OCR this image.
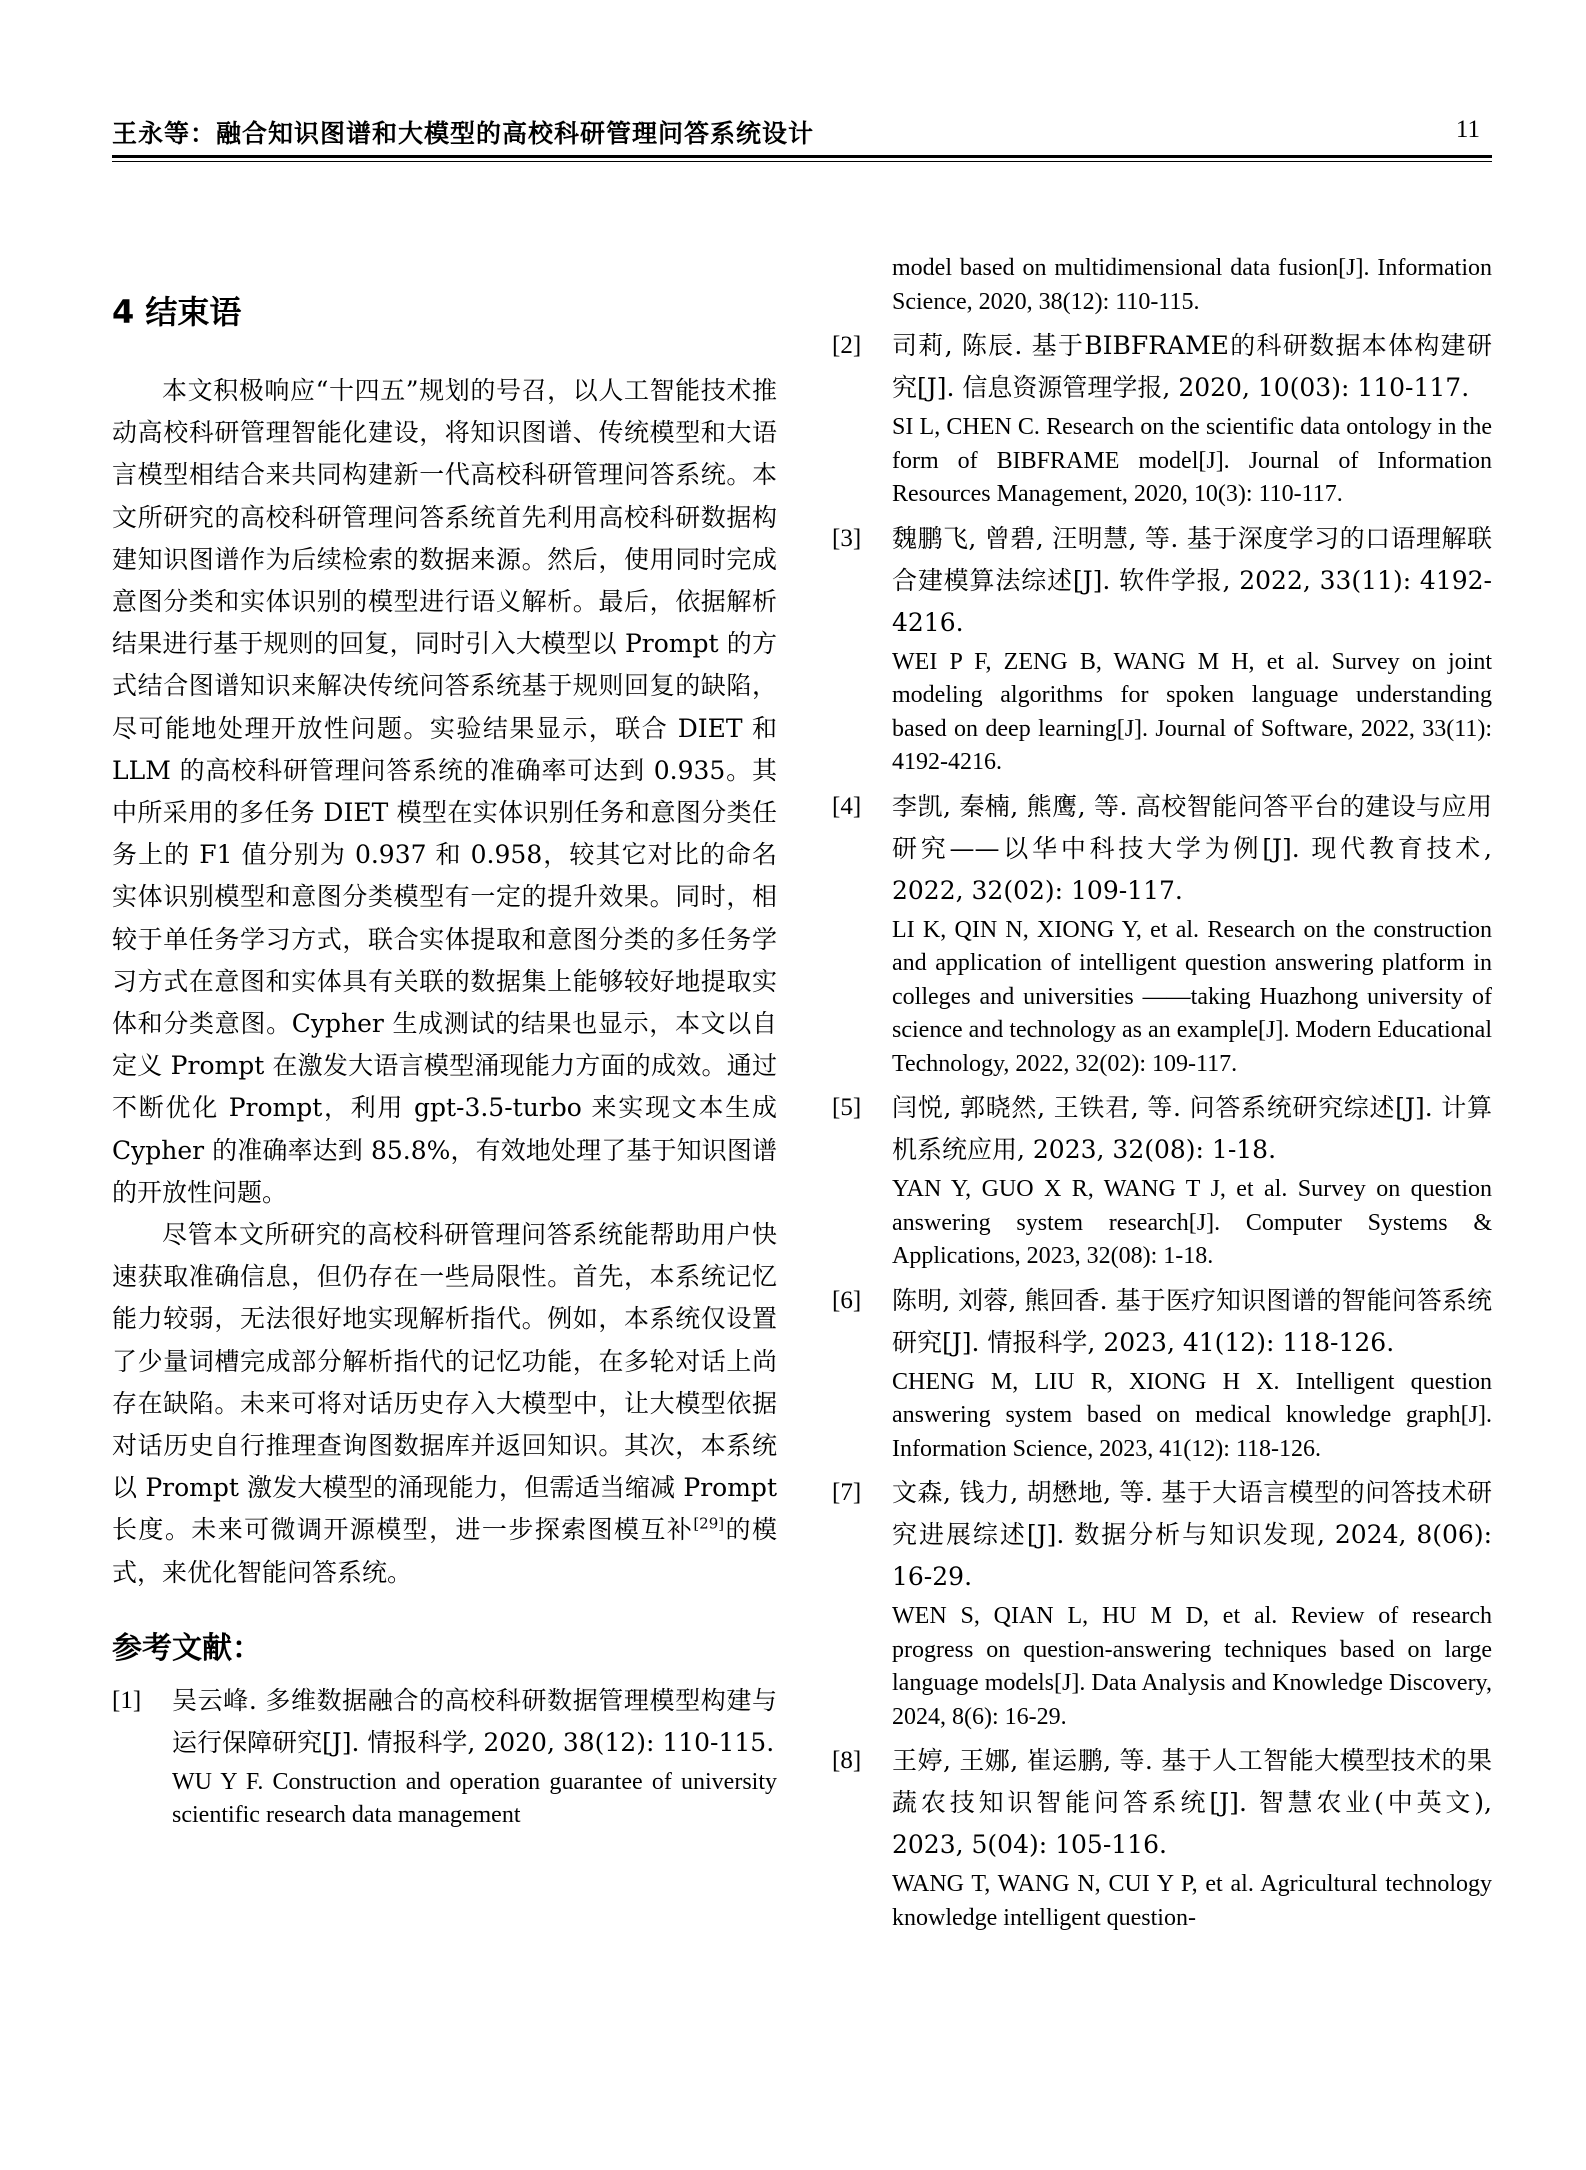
王永等：融合知识图谱和大模型的高校科研管理问答系统设计	11
4 结束语

本文积极响应“十四五”规划的号召，以人工智能技术推动高校科研管理智能化建设，将知识图谱、传统模型和大语言模型相结合来共同构建新一代高校科研管理问答系统。本文所研究的高校科研管理问答系统首先利用高校科研数据构建知识图谱作为后续检索的数据来源。然后，使用同时完成意图分类和实体识别的模型进行语义解析。最后，依据解析结果进行基于规则的回复，同时引入大模型以 Prompt 的方式结合图谱知识来解决传统问答系统基于规则回复的缺陷，尽可能地处理开放性问题。实验结果显示，联合 DIET 和 LLM 的高校科研管理问答系统的准确率可达到 0.935。其中所采用的多任务 DIET 模型在实体识别任务和意图分类任务上的 F1 值分别为 0.937 和 0.958，较其它对比的命名实体识别模型和意图分类模型有一定的提升效果。同时，相较于单任务学习方式，联合实体提取和意图分类的多任务学习方式在意图和实体具有关联的数据集上能够较好地提取实体和分类意图。Cypher 生成测试的结果也显示，本文以自定义 Prompt 在激发大语言模型涌现能力方面的成效。通过不断优化 Prompt，利用 gpt-3.5-turbo 来实现文本生成 Cypher 的准确率达到 85.8%，有效地处理了基于知识图谱的开放性问题。

尽管本文所研究的高校科研管理问答系统能帮助用户快速获取准确信息，但仍存在一些局限性。首先，本系统记忆能力较弱，无法很好地实现解析指代。例如，本系统仅设置了少量词槽完成部分解析指代的记忆功能，在多轮对话上尚存在缺陷。未来可将对话历史存入大模型中，让大模型依据对话历史自行推理查询图数据库并返回知识。其次，本系统以 Prompt 激发大模型的涌现能力，但需适当缩减 Prompt 长度。未来可微调开源模型，进一步探索图模互补[29]的模式，来优化智能问答系统。

参考文献：
[1] 吴云峰. 多维数据融合的高校科研数据管理模型构建与运行保障研究[J]. 情报科学, 2020, 38(12): 110-115.

WU Y F. Construction and operation guarantee of university scientific research data management

model based on multidimensional data fusion[J]. Information Science, 2020, 38(12): 110-115.

[2] 司莉, 陈辰. 基于BIBFRAME的科研数据本体构建研究[J]. 信息资源管理学报, 2020, 10(03): 110-117.

SI L, CHEN C. Research on the scientific data ontology in the form of BIBFRAME model[J]. Journal of Information Resources Management, 2020, 10(3): 110-117.

[3] 魏鹏飞, 曾碧, 汪明慧, 等. 基于深度学习的口语理解联合建模算法综述[J]. 软件学报, 2022, 33(11): 4192-4216.

WEI P F, ZENG B, WANG M H, et al. Survey on joint modeling algorithms for spoken language understanding based on deep learning[J]. Journal of Software, 2022, 33(11): 4192-4216.

[4] 李凯, 秦楠, 熊鹰, 等. 高校智能问答平台的建设与应用研究——以华中科技大学为例[J]. 现代教育技术, 2022, 32(02): 109-117.

LI K, QIN N, XIONG Y, et al. Research on the construction and application of intelligent question answering platform in colleges and universities ——taking Huazhong university of science and technology as an example[J]. Modern Educational Technology, 2022, 32(02): 109-117.

[5] 闫悦, 郭晓然, 王铁君, 等. 问答系统研究综述[J]. 计算机系统应用, 2023, 32(08): 1-18.

YAN Y, GUO X R, WANG T J, et al. Survey on question answering system research[J]. Computer Systems & Applications, 2023, 32(08): 1-18.

[6] 陈明, 刘蓉, 熊回香. 基于医疗知识图谱的智能问答系统研究[J]. 情报科学, 2023, 41(12): 118-126.

CHENG M, LIU R, XIONG H X. Intelligent question answering system based on medical knowledge graph[J]. Information Science, 2023, 41(12): 118-126.

[7] 文森, 钱力, 胡懋地, 等. 基于大语言模型的问答技术研究进展综述[J]. 数据分析与知识发现, 2024, 8(06): 16-29.

WEN S, QIAN L, HU M D, et al. Review of research progress on question-answering techniques based on large language models[J]. Data Analysis and Knowledge Discovery, 2024, 8(6): 16-29.

[8] 王婷, 王娜, 崔运鹏, 等. 基于人工智能大模型技术的果蔬农技知识智能问答系统[J]. 智慧农业(中英文), 2023, 5(04): 105-116.

WANG T, WANG N, CUI Y P, et al. Agricultural technology knowledge intelligent question-
